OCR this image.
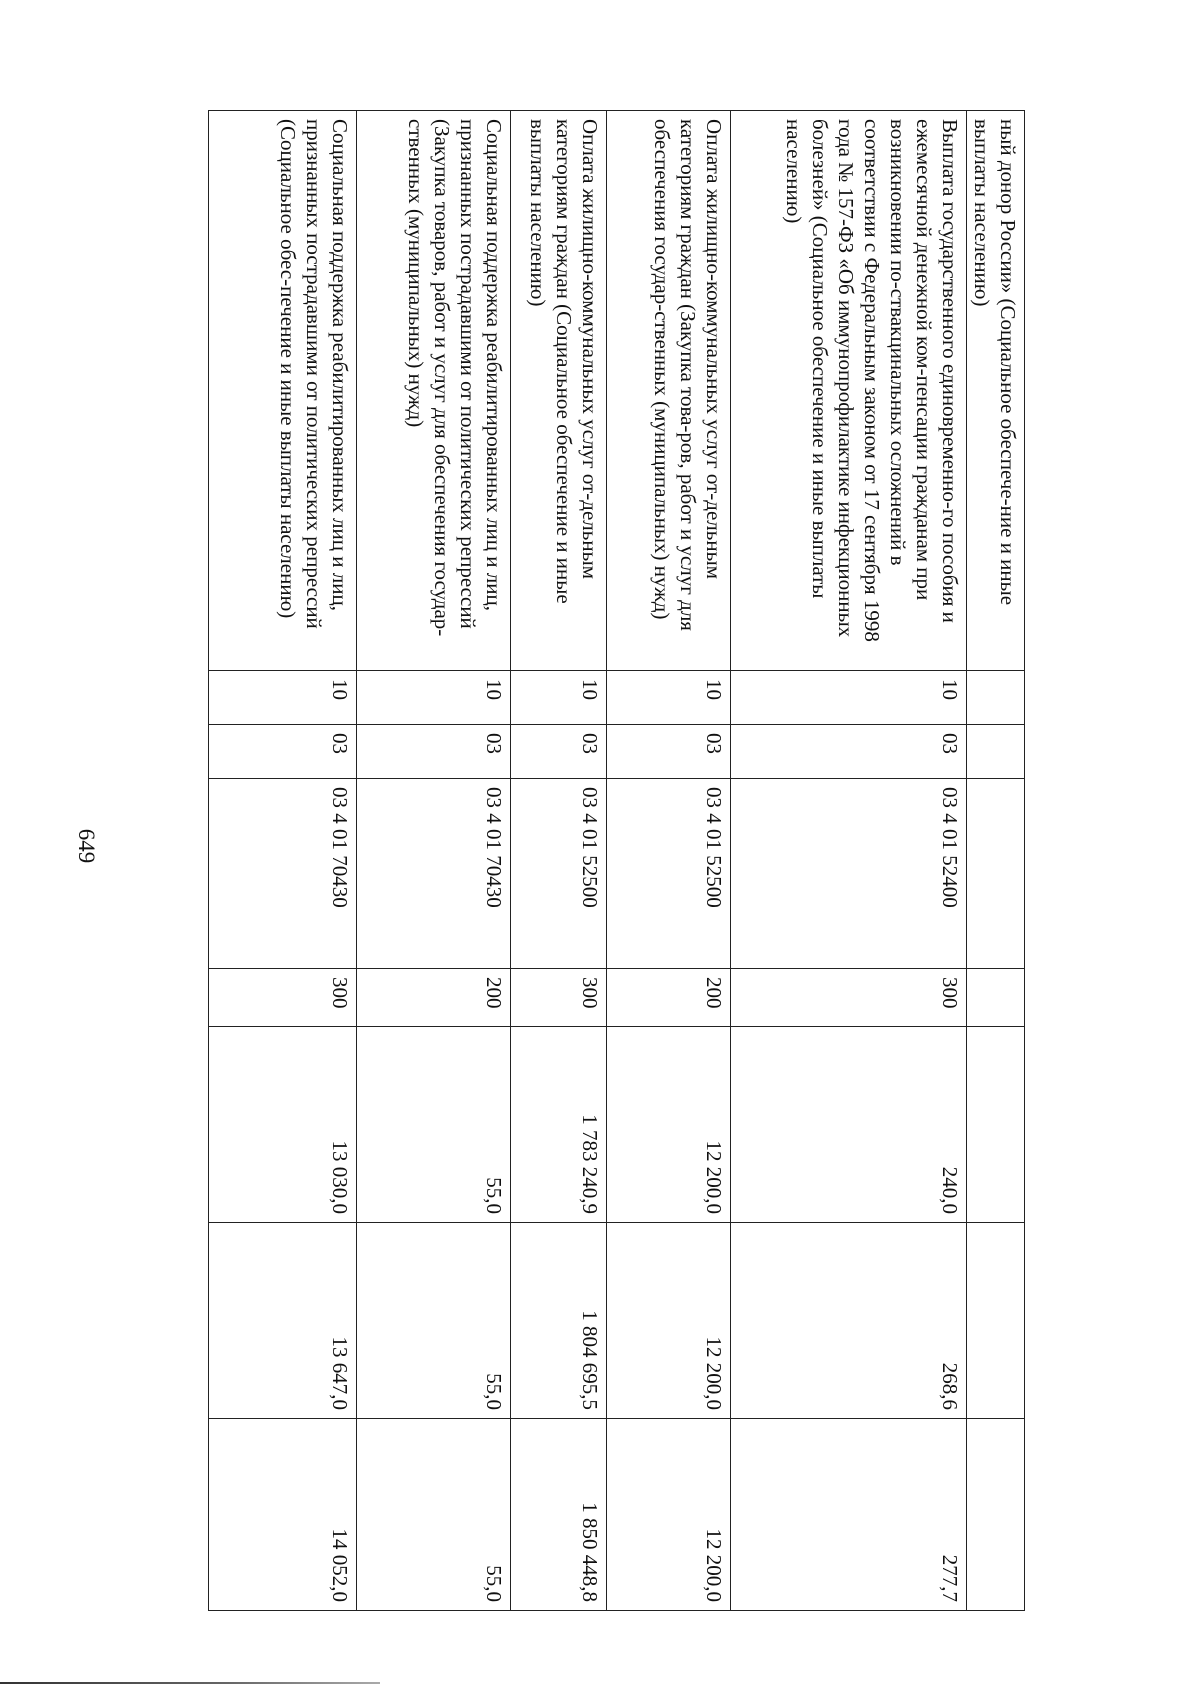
649
ный донор России» (Социальное обеспече-ние и иные выплаты населению)							
Выплата государственного единовременно-го пособия и ежемесячной денежной ком-пенсации гражданам при возникновении по-ствакцинальных осложнений в соответствии с Федеральным законом от 17 сентября 1998 года № 157-ФЗ «Об иммунопрофилактике инфекционных болезней» (Социальное обеспечение и иные выплаты населению)	10	03	03 4 01 52400	300	240,0	268,6	277,7
Оплата жилищно-коммунальных услуг от-дельным категориям граждан (Закупка това-ров, работ и услуг для обеспечения государ-ственных (муниципальных) нужд)	10	03	03 4 01 52500	200	12 200,0	12 200,0	12 200,0
Оплата жилищно-коммунальных услуг от-дельным категориям граждан (Социальное обеспечение и иные выплаты населению)	10	03	03 4 01 52500	300	1 783 240,9	1 804 695,5	1 850 448,8
Социальная поддержка реабилитированных лиц и лиц, признанных пострадавшими от политических репрессий (Закупка товаров, работ и услуг для обеспечения государ-ственных (муниципальных) нужд)	10	03	03 4 01 70430	200	55,0	55,0	55,0
Социальная поддержка реабилитированных лиц и лиц, признанных пострадавшими от политических репрессий (Социальное обес-печение и иные выплаты населению)	10	03	03 4 01 70430	300	13 030,0	13 647,0	14 052,0
